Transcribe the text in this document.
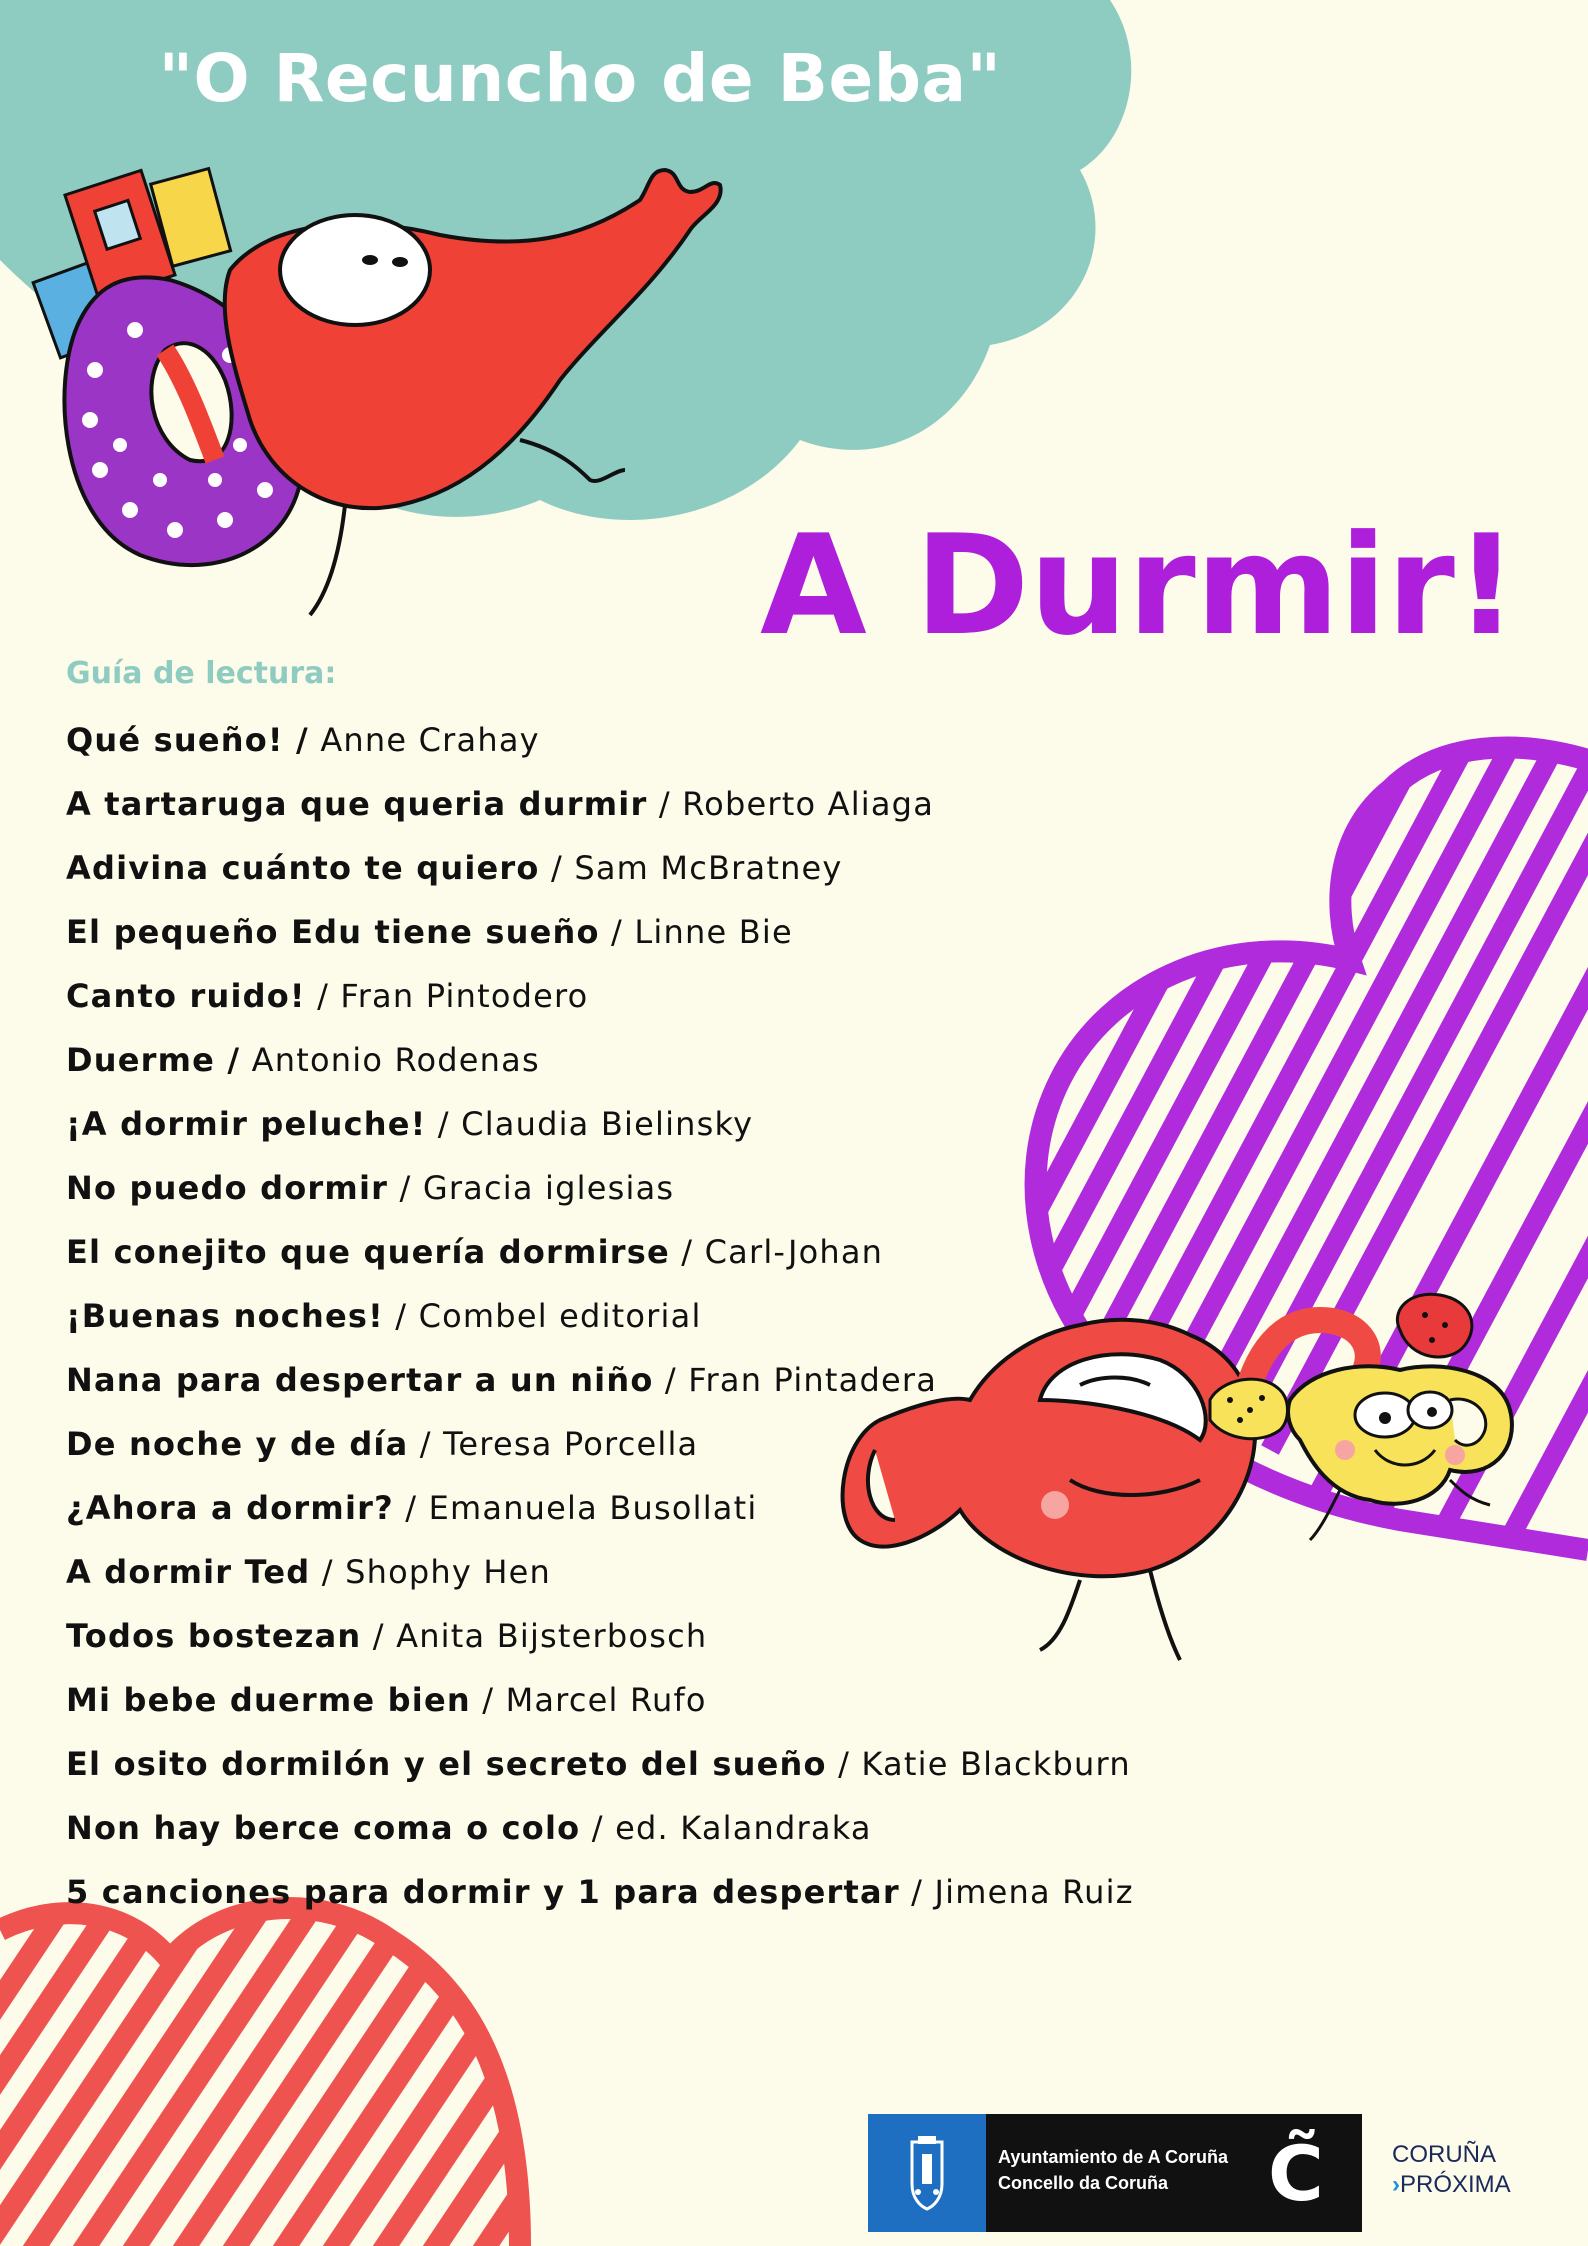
"O Recuncho de Beba"
A Durmir!
Guía de lectura:
Qué sueño! / Anne Crahay
A tartaruga que queria durmir / Roberto Aliaga
Adivina cuánto te quiero / Sam McBratney
El pequeño Edu tiene sueño / Linne Bie
Canto ruido! / Fran Pintodero
Duerme / Antonio Rodenas
¡A dormir peluche! / Claudia Bielinsky
No puedo dormir / Gracia iglesias
El conejito que quería dormirse / Carl-Johan
¡Buenas noches! / Combel editorial
Nana para despertar a un niño / Fran Pintadera
De noche y de día / Teresa Porcella
¿Ahora a dormir? / Emanuela Busollati
A dormir Ted / Shophy Hen
Todos bostezan / Anita Bijsterbosch
Mi bebe duerme bien / Marcel Rufo
El osito dormilón y el secreto del sueño / Katie Blackburn
Non hay berce coma o colo / ed. Kalandraka
5 canciones para dormir y 1 para despertar / Jimena Ruiz
Ayuntamiento de A Coruña
Concello da Coruña	C̃	CORUÑA
›PRÓXIMA
